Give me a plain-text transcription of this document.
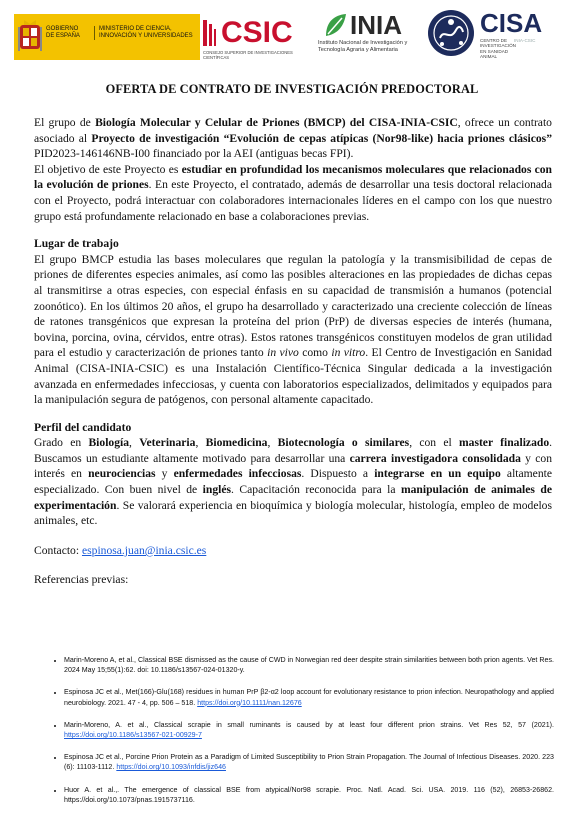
GOBIERNO
DE ESPAÑA
MINISTERIO DE CIENCIA, INNOVACIÓN Y UNIVERSIDADES CSIC
CONSEJO SUPERIOR DE INVESTIGACIONES CIENTÍFICAS
INIA
Instituto Nacional de Investigación y Tecnología Agraria y Alimentaria
CISA
CENTRO DE INVESTIGACIÓN EN SANIDAD ANIMAL
INIA-CSIC
OFERTA DE CONTRATO DE INVESTIGACIÓN PREDOCTORAL

El grupo de Biología Molecular y Celular de Priones (BMCP) del CISA-INIA-CSIC, ofrece un contrato asociado al Proyecto de investigación “Evolución de cepas atípicas (Nor98-like) hacia priones clásicos” PID2023-146146NB-I00 financiado por la AEI (antiguas becas FPI).

El objetivo de este Proyecto es estudiar en profundidad los mecanismos moleculares que relacionados con la evolución de priones. En este Proyecto, el contratado, además de desarrollar una tesis doctoral relacionada con el Proyecto, podrá interactuar con colaboradores internacionales líderes en el campo con los que nuestro grupo está profundamente relacionado en base a colaboraciones previas.

Lugar de trabajo

El grupo BMCP estudia las bases moleculares que regulan la patología y la transmisibilidad de cepas de priones de diferentes especies animales, así como las posibles alteraciones en las propiedades de dichas cepas al transmitirse a otras especies, con especial énfasis en su capacidad de transmisión a humanos (potencial zoonótico). En los últimos 20 años, el grupo ha desarrollado y caracterizado una creciente colección de líneas de ratones transgénicos que expresan la proteína del prion (PrP) de diversas especies de interés (humana, bovina, porcina, ovina, cérvidos, entre otras). Estos ratones transgénicos constituyen modelos de gran utilidad para el estudio y caracterización de priones tanto in vivo como in vitro. El Centro de Investigación en Sanidad Animal (CISA-INIA-CSIC) es una Instalación Científico-Técnica Singular dedicada a la investigación avanzada en enfermedades infecciosas, y cuenta con laboratorios especializados, delimitados y equipados para la manipulación segura de patógenos, con personal altamente capacitado.

Perfil del candidato

Grado en Biología, Veterinaria, Biomedicina, Biotecnología o similares, con el master finalizado. Buscamos un estudiante altamente motivado para desarrollar una carrera investigadora consolidada y con interés en neurociencias y enfermedades infecciosas. Dispuesto a integrarse en un equipo altamente especializado. Con buen nivel de inglés. Capacitación reconocida para la manipulación de animales de experimentación. Se valorará experiencia en bioquímica y biología molecular, histología, empleo de modelos animales, etc.

Contacto: espinosa.juan@inia.csic.es

Referencias previas:

• Marin-Moreno A, et al., Classical BSE dismissed as the cause of CWD in Norwegian red deer despite strain similarities between both prion agents. Vet Res. 2024 May 15;55(1):62. doi: 10.1186/s13567-024-01320-y.
• Espinosa JC et al., Met(166)-Glu(168) residues in human PrP β2-α2 loop account for evolutionary resistance to prion infection. Neuropathology and applied neurobiology. 2021. 47 - 4, pp. 506 – 518. https://doi.org/10.1111/nan.12676
• Marin-Moreno, A. et al., Classical scrapie in small ruminants is caused by at least four different prion strains. Vet Res 52, 57 (2021). https://doi.org/10.1186/s13567-021-00929-7
• Espinosa JC et al., Porcine Prion Protein as a Paradigm of Limited Susceptibility to Prion Strain Propagation. The Journal of Infectious Diseases. 2020. 223 (6): 11103-1112. https://doi.org/10.1093/infdis/jiz646
• Huor A. et al.,. The emergence of classical BSE from atypical/Nor98 scrapie. Proc. Natl. Acad. Sci. USA. 2019. 116 (52), 26853-26862. https://doi.org/10.1073/pnas.1915737116.
